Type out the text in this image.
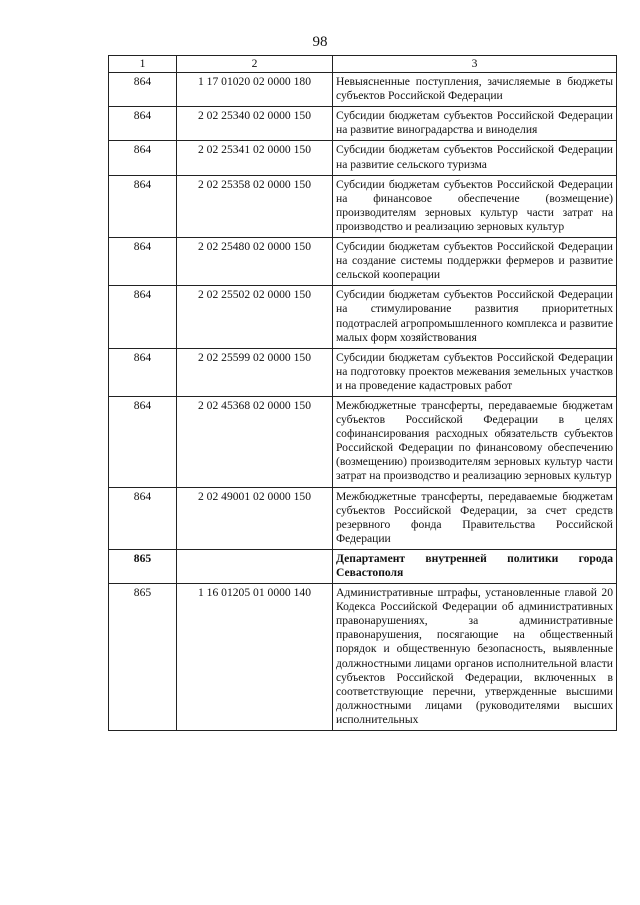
98
1	2	3
864	1 17 01020 02 0000 180	Невыясненные поступления, зачисляемые в бюджеты субъектов Российской Федерации
864	2 02 25340 02 0000 150	Субсидии бюджетам субъектов Российской Федерации на развитие виноградарства и виноделия
864	2 02 25341 02 0000 150	Субсидии бюджетам субъектов Российской Федерации на развитие сельского туризма
864	2 02 25358 02 0000 150	Субсидии бюджетам субъектов Российской Федерации на финансовое обеспечение (возмещение) производителям зерновых культур части затрат на производство и реализацию зерновых культур
864	2 02 25480 02 0000 150	Субсидии бюджетам субъектов Российской Федерации на создание системы поддержки фермеров и развитие сельской кооперации
864	2 02 25502 02 0000 150	Субсидии бюджетам субъектов Российской Федерации на стимулирование развития приоритетных подотраслей агропромышленного комплекса и развитие малых форм хозяйствования
864	2 02 25599 02 0000 150	Субсидии бюджетам субъектов Российской Федерации на подготовку проектов межевания земельных участков и на проведение кадастровых работ
864	2 02 45368 02 0000 150	Межбюджетные трансферты, передаваемые бюджетам субъектов Российской Федерации в целях софинансирования расходных обязательств субъектов Российской Федерации по финансовому обеспечению (возмещению) производителям зерновых культур части затрат на производство и реализацию зерновых культур
864	2 02 49001 02 0000 150	Межбюджетные трансферты, передаваемые бюджетам субъектов Российской Федерации, за счет средств резервного фонда Правительства Российской Федерации
865		Департамент внутренней политики города Севастополя
865	1 16 01205 01 0000 140	Административные штрафы, установленные главой 20 Кодекса Российской Федерации об административных правонарушениях, за административные правонарушения, посягающие на общественный порядок и общественную безопасность, выявленные должностными лицами органов исполнительной власти субъектов Российской Федерации, включенных в соответствующие перечни, утвержденные высшими должностными лицами (руководителями высших исполнительных
